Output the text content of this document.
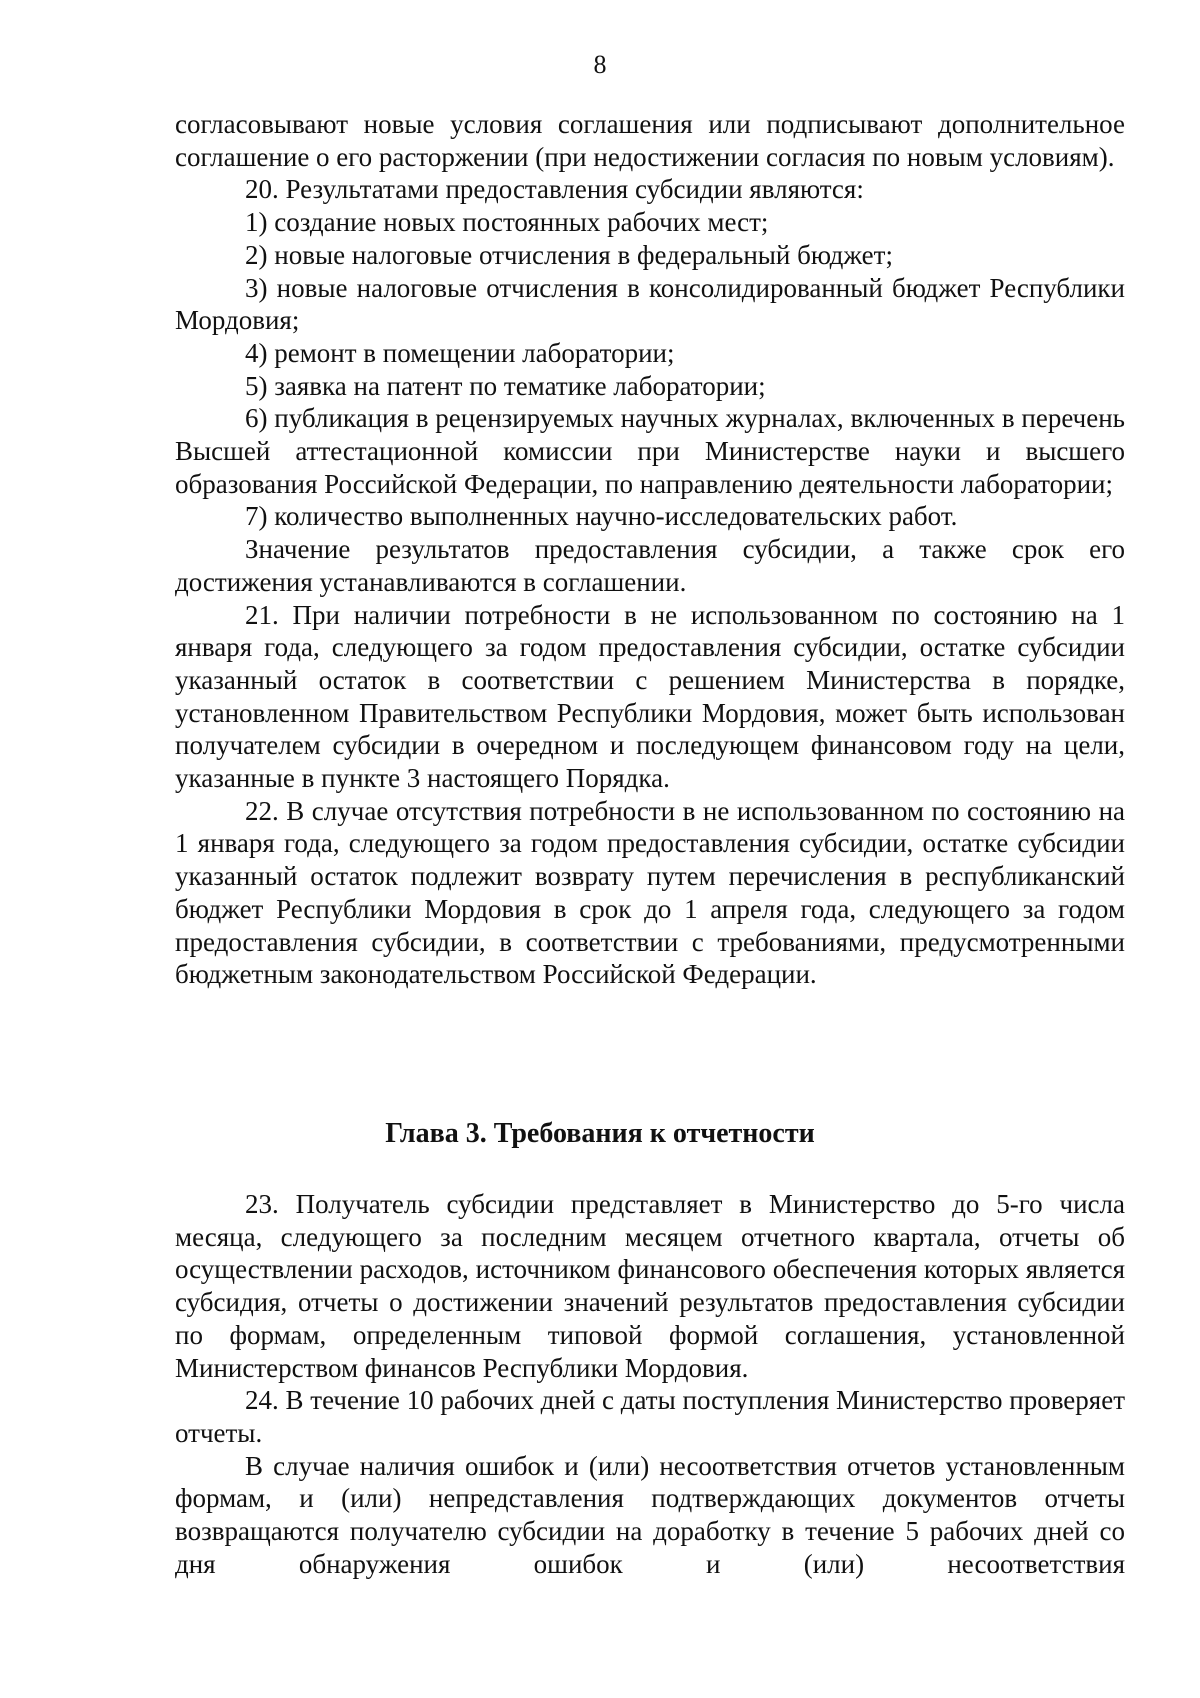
8

согласовывают новые условия соглашения или подписывают дополнительное соглашение о его расторжении (при недостижении согласия по новым условиям).

20. Результатами предоставления субсидии являются:

1) создание новых постоянных рабочих мест;

2) новые налоговые отчисления в федеральный бюджет;

3) новые налоговые отчисления в консолидированный бюджет Республики Мордовия;

4) ремонт в помещении лаборатории;

5) заявка на патент по тематике лаборатории;

6) публикация в рецензируемых научных журналах, включенных в перечень Высшей аттестационной комиссии при Министерстве науки и высшего образования Российской Федерации, по направлению деятельности лаборатории;

7) количество выполненных научно-исследовательских работ.

Значение результатов предоставления субсидии, а также срок его достижения устанавливаются в соглашении.

21. При наличии потребности в не использованном по состоянию на 1 января года, следующего за годом предоставления субсидии, остатке субсидии указанный остаток в соответствии с решением Министерства в порядке, установленном Правительством Республики Мордовия, может быть использован получателем субсидии в очередном и последующем финансовом году на цели, указанные в пункте 3 настоящего Порядка.

22. В случае отсутствия потребности в не использованном по состоянию на 1 января года, следующего за годом предоставления субсидии, остатке субсидии указанный остаток подлежит возврату путем перечисления в республиканский бюджет Республики Мордовия в срок до 1 апреля года, следующего за годом предоставления субсидии, в соответствии с требованиями, предусмотренными бюджетным законодательством Российской Федерации.

Глава 3. Требования к отчетности

23. Получатель субсидии представляет в Министерство до 5-го числа месяца, следующего за последним месяцем отчетного квартала, отчеты об осуществлении расходов, источником финансового обеспечения которых является субсидия, отчеты о достижении значений результатов предоставления субсидии по формам, определенным типовой формой соглашения, установленной Министерством финансов Республики Мордовия.

24. В течение 10 рабочих дней с даты поступления Министерство проверяет отчеты.

В случае наличия ошибок и (или) несоответствия отчетов установленным формам, и (или) непредставления подтверждающих документов отчеты возвращаются получателю субсидии на доработку в течение 5 рабочих дней со дня обнаружения ошибок и (или) несоответствия
